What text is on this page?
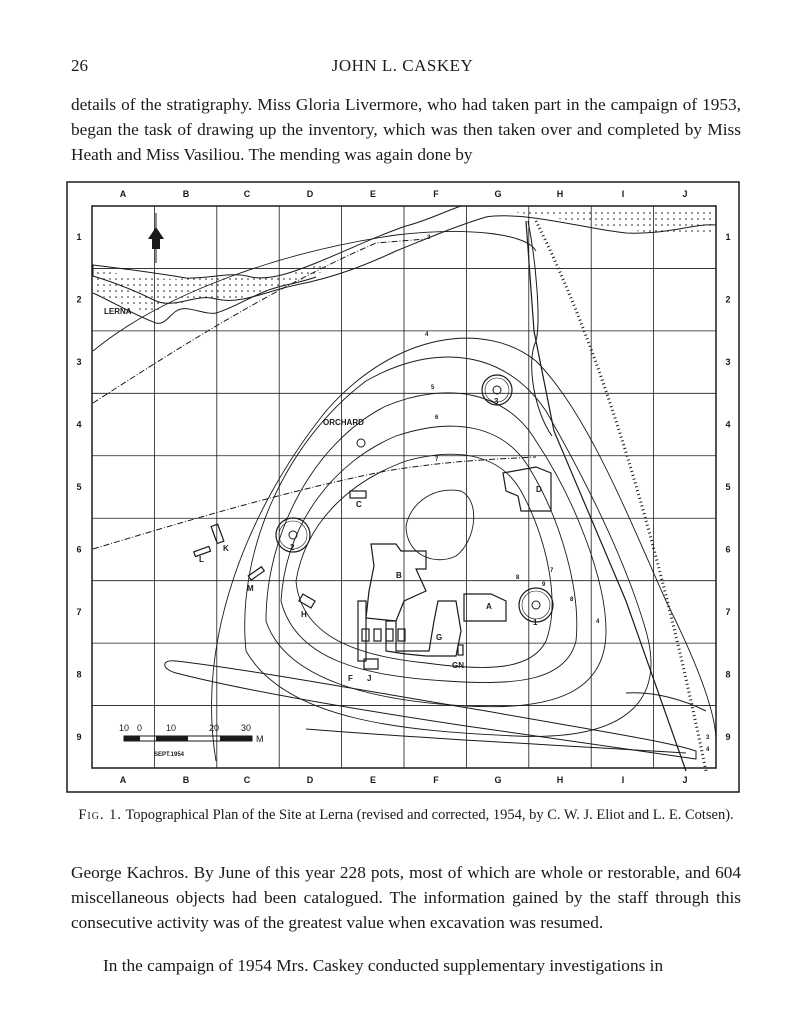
26	JOHN L. CASKEY

details of the stratigraphy. Miss Gloria Livermore, who had taken part in the campaign of 1953, began the task of drawing up the inventory, which was then taken over and completed by Miss Heath and Miss Vasiliou. The mending was again done by

A
A
B
B
C
C
D
D
E
E
F
F
G
G
H
H
I
I
J
J
1	1
2	2
3	3
4	4
5	5
6	6
7	7
8	8
9	9
3
4
5
6
7
7
8
9
8
4
3
4
LERNA
ORCHARD
A
B
C
D
G
GN
F J
K
L
M
H
1
2
3
10 0	10	20 30
M
SEPT.1954
Fig. 1. Topographical Plan of the Site at Lerna (revised and corrected, 1954, by C. W. J. Eliot and L. E. Cotsen).

George Kachros. By June of this year 228 pots, most of which are whole or restorable, and 604 miscellaneous objects had been catalogued. The information gained by the staff through this consecutive activity was of the greatest value when excavation was resumed.

In the campaign of 1954 Mrs. Caskey conducted supplementary investigations in
